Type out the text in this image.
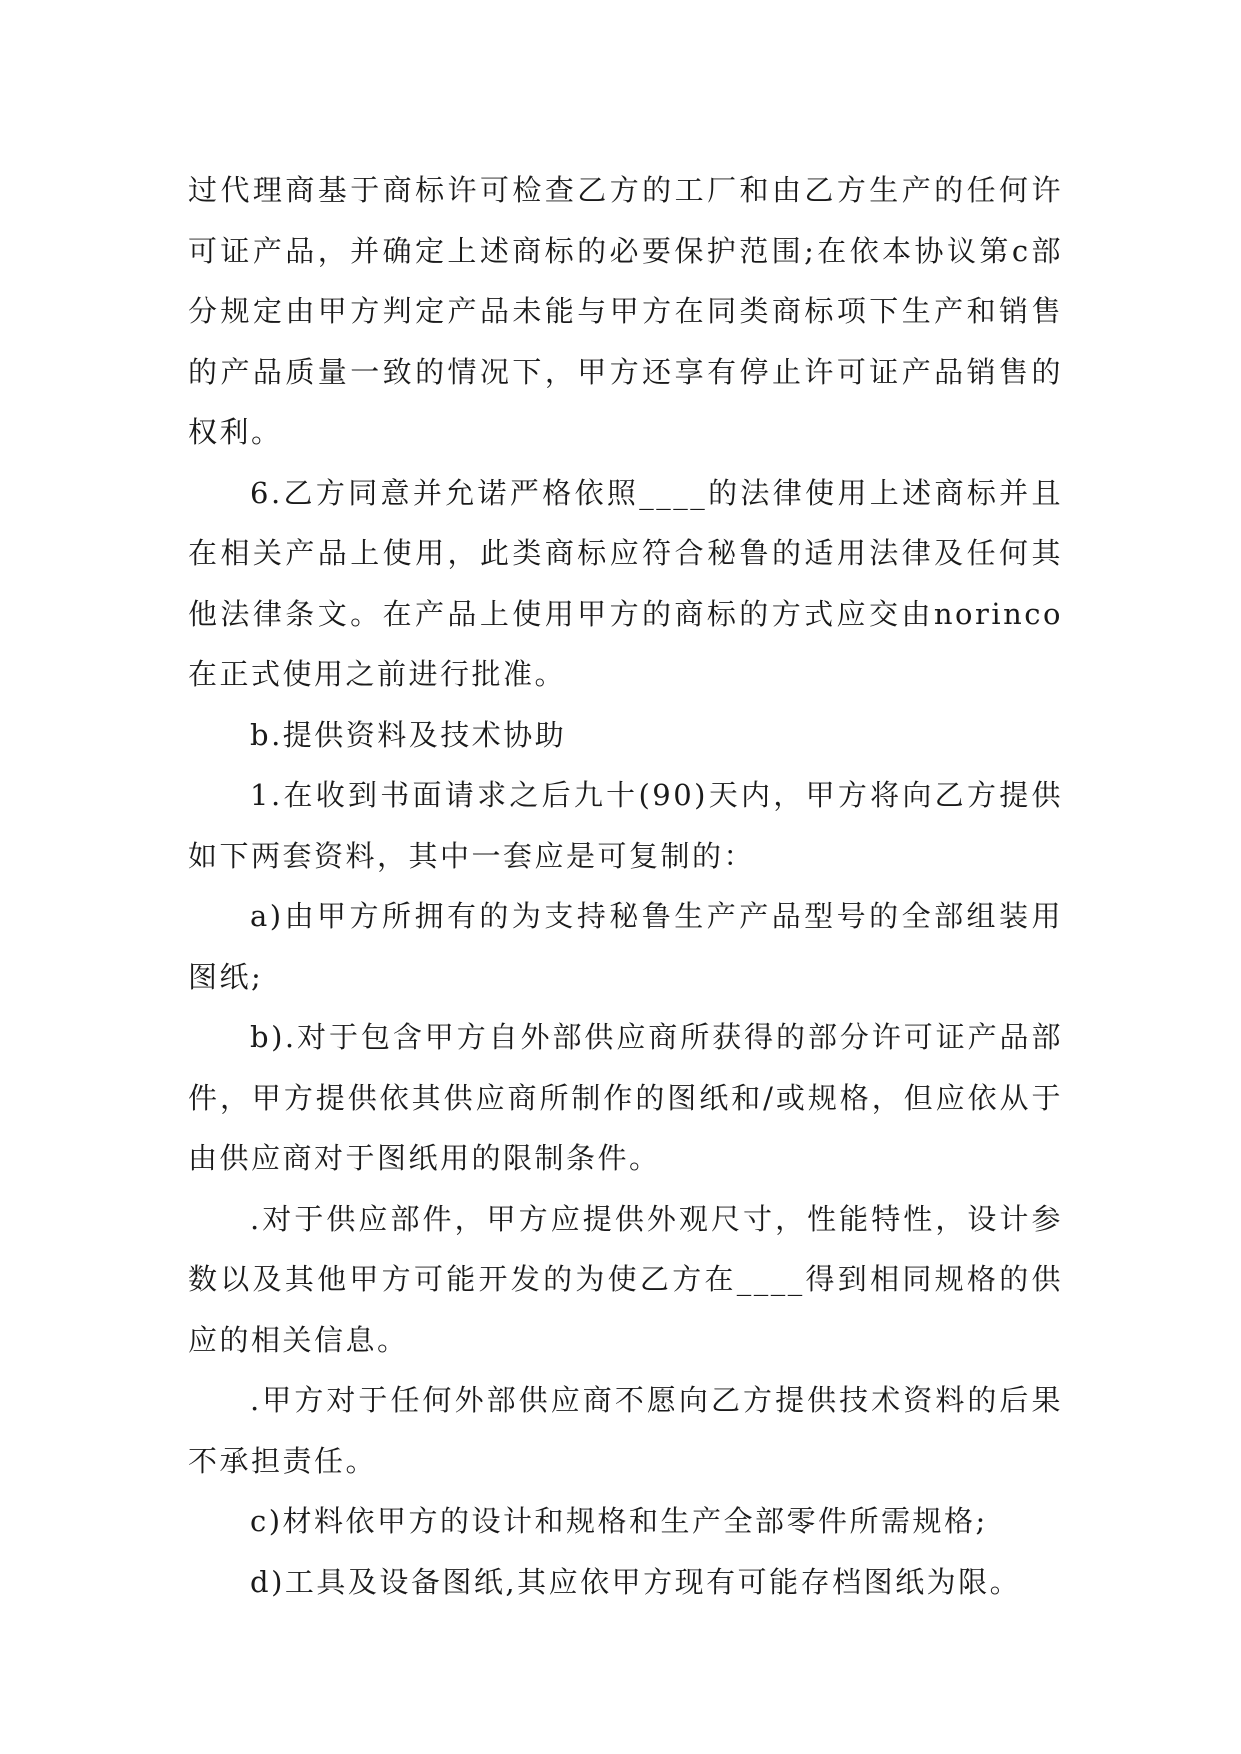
过代理商基于商标许可检查乙方的工厂和由乙方生产的任何许可证产品，并确定上述商标的必要保护范围;在依本协议第c部分规定由甲方判定产品未能与甲方在同类商标项下生产和销售的产品质量一致的情况下，甲方还享有停止许可证产品销售的权利。

6.乙方同意并允诺严格依照____的法律使用上述商标并且在相关产品上使用，此类商标应符合秘鲁的适用法律及任何其他法律条文。在产品上使用甲方的商标的方式应交由norinco在正式使用之前进行批准。

b.提供资料及技术协助

1.在收到书面请求之后九十(90)天内，甲方将向乙方提供如下两套资料，其中一套应是可复制的：

a)由甲方所拥有的为支持秘鲁生产产品型号的全部组装用图纸;

b).对于包含甲方自外部供应商所获得的部分许可证产品部件，甲方提供依其供应商所制作的图纸和/或规格，但应依从于由供应商对于图纸用的限制条件。

.对于供应部件，甲方应提供外观尺寸，性能特性，设计参数以及其他甲方可能开发的为使乙方在____得到相同规格的供应的相关信息。

.甲方对于任何外部供应商不愿向乙方提供技术资料的后果不承担责任。

c)材料依甲方的设计和规格和生产全部零件所需规格;

d)工具及设备图纸,其应依甲方现有可能存档图纸为限。
